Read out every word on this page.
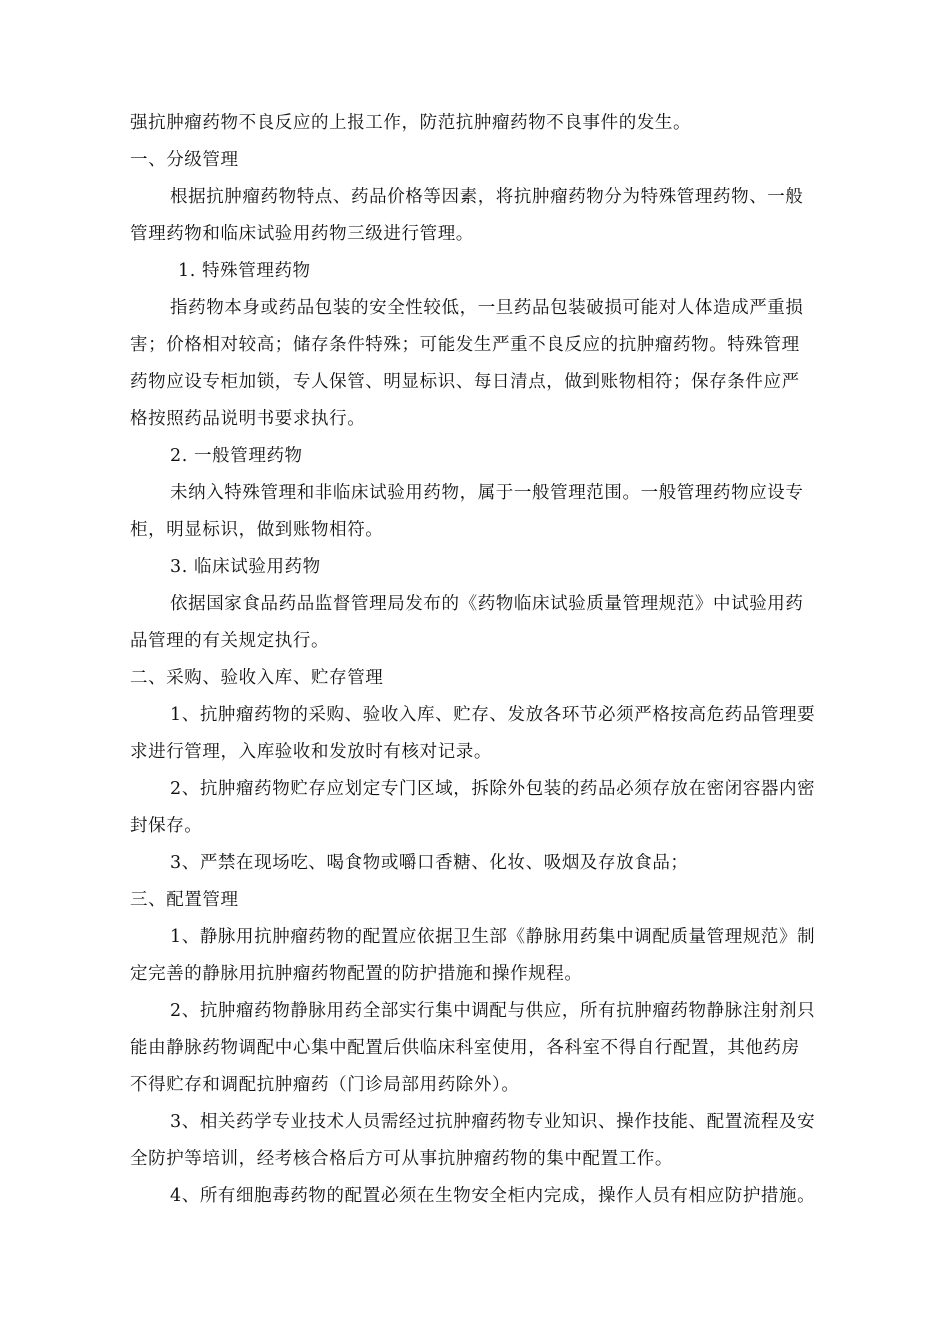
强抗肿瘤药物不良反应的上报工作，防范抗肿瘤药物不良事件的发生。
一、分级管理
根据抗肿瘤药物特点、药品价格等因素，将抗肿瘤药物分为特殊管理药物、一般
管理药物和临床试验用药物三级进行管理。
1. 特殊管理药物
指药物本身或药品包装的安全性较低，一旦药品包装破损可能对人体造成严重损
害；价格相对较高；储存条件特殊；可能发生严重不良反应的抗肿瘤药物。特殊管理
药物应设专柜加锁，专人保管、明显标识、每日清点，做到账物相符；保存条件应严
格按照药品说明书要求执行。
2. 一般管理药物
未纳入特殊管理和非临床试验用药物，属于一般管理范围。一般管理药物应设专
柜，明显标识，做到账物相符。
3. 临床试验用药物
依据国家食品药品监督管理局发布的《药物临床试验质量管理规范》中试验用药
品管理的有关规定执行。
二、采购、验收入库、贮存管理
1、抗肿瘤药物的采购、验收入库、贮存、发放各环节必须严格按高危药品管理要
求进行管理，入库验收和发放时有核对记录。
2、抗肿瘤药物贮存应划定专门区域，拆除外包装的药品必须存放在密闭容器内密
封保存。
3、严禁在现场吃、喝食物或嚼口香糖、化妆、吸烟及存放食品；
三、配置管理
1、静脉用抗肿瘤药物的配置应依据卫生部《静脉用药集中调配质量管理规范》制
定完善的静脉用抗肿瘤药物配置的防护措施和操作规程。
2、抗肿瘤药物静脉用药全部实行集中调配与供应，所有抗肿瘤药物静脉注射剂只
能由静脉药物调配中心集中配置后供临床科室使用，各科室不得自行配置，其他药房
不得贮存和调配抗肿瘤药（门诊局部用药除外）。
3、相关药学专业技术人员需经过抗肿瘤药物专业知识、操作技能、配置流程及安
全防护等培训，经考核合格后方可从事抗肿瘤药物的集中配置工作。
4、所有细胞毒药物的配置必须在生物安全柜内完成，操作人员有相应防护措施。
